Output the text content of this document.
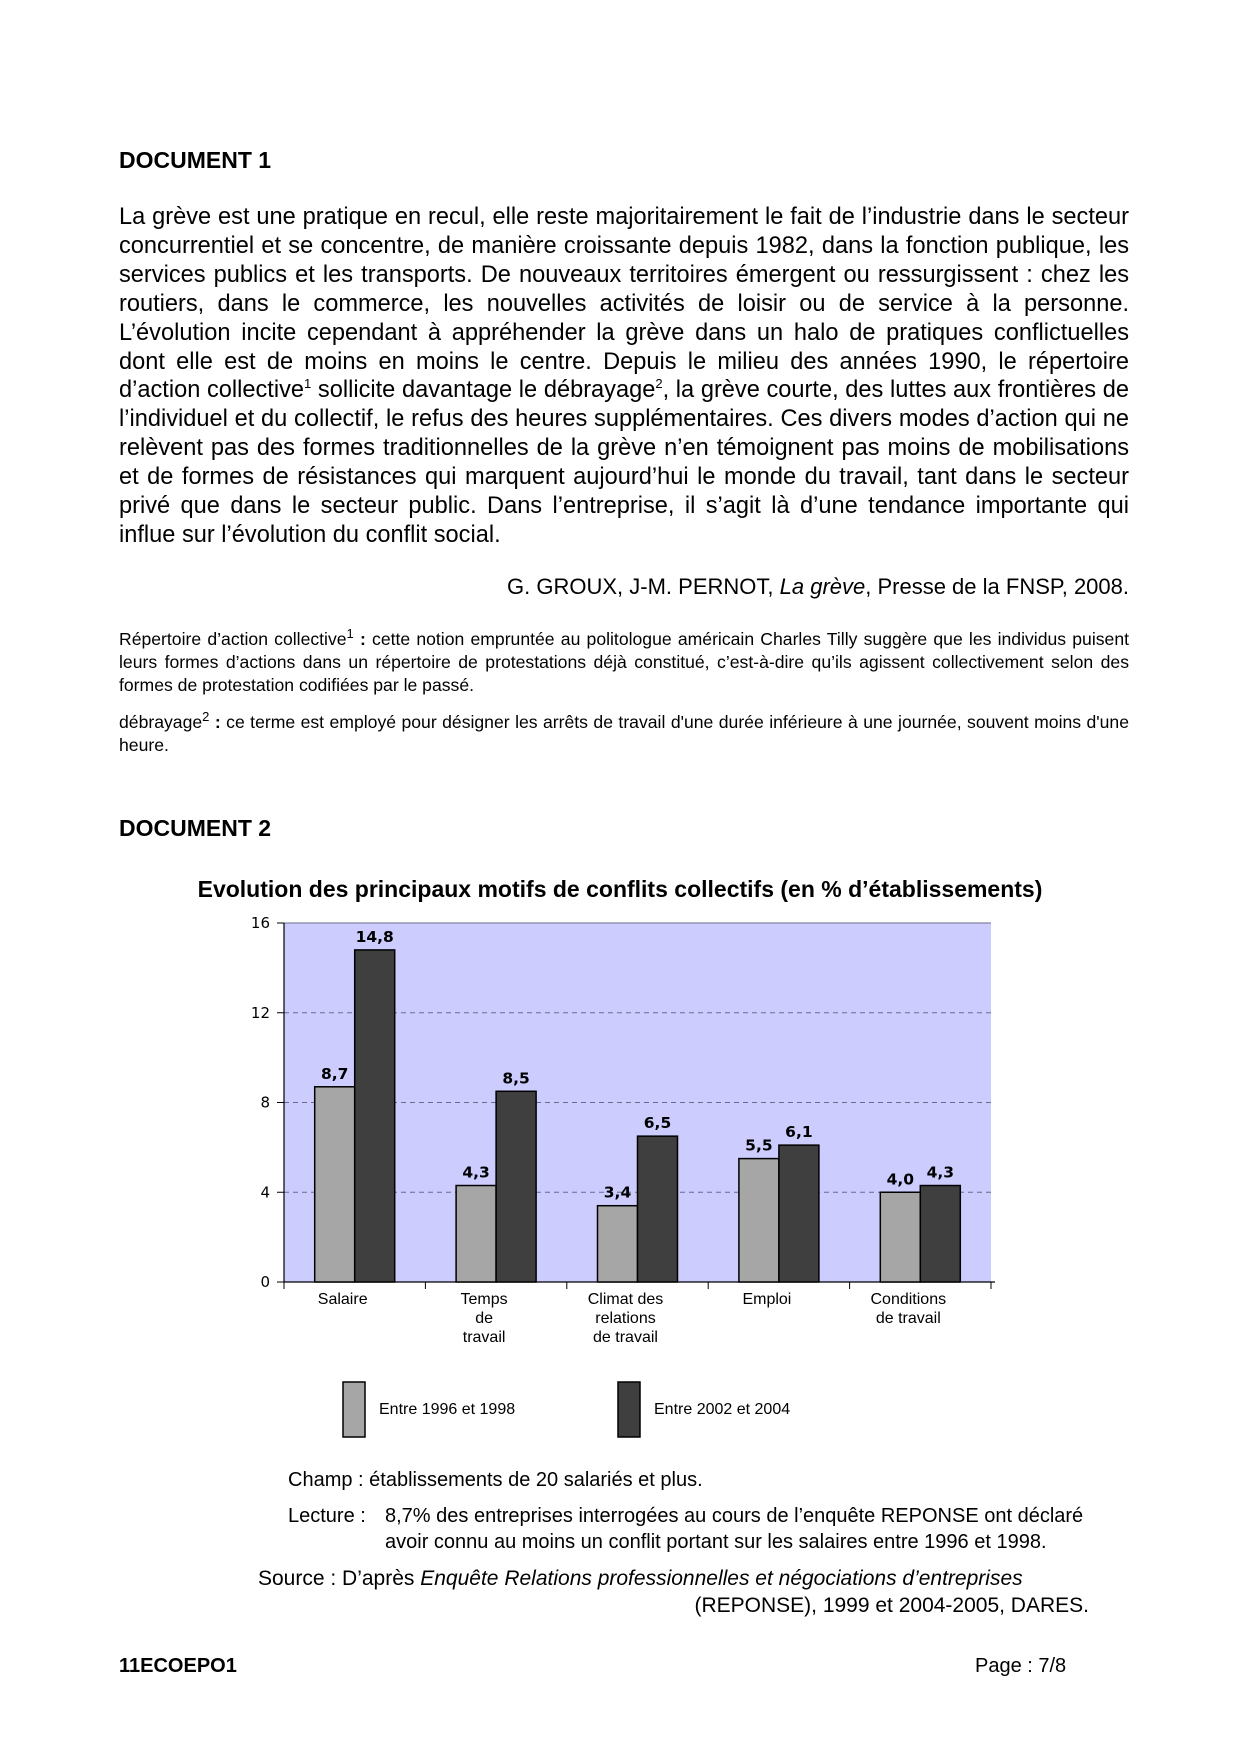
DOCUMENT 1
La grève est une pratique en recul, elle reste majoritairement le fait de l’industrie dans le secteur concurrentiel et se concentre, de manière croissante depuis 1982, dans la fonction publique, les services publics et les transports. De nouveaux territoires émergent ou ressurgissent : chez les routiers, dans le commerce, les nouvelles activités de loisir ou de service à la personne. L’évolution incite cependant à appréhender la grève dans un halo de pratiques conflictuelles dont elle est de moins en moins le centre. Depuis le milieu des années 1990, le répertoire d’action collective$^1$ sollicite davantage le débrayage$^2$, la grève courte, des luttes aux frontières de l’individuel et du collectif, le refus des heures supplémentaires. Ces divers modes d’action qui ne relèvent pas des formes traditionnelles de la grève n’en témoignent pas moins de mobilisations et de formes de résistances qui marquent aujourd’hui le monde du travail, tant dans le secteur privé que dans le secteur public. Dans l’entreprise, il s’agit là d’une tendance importante qui influe sur l’évolution du conflit social.
G. GROUX, J-M. PERNOT, La grève, Presse de la FNSP, 2008.
Répertoire d’action collective$^1$ : cette notion empruntée au politologue américain Charles Tilly suggère que les individus puisent leurs formes d’actions dans un répertoire de protestations déjà constitué, c’est-à-dire qu’ils agissent collectivement selon des formes de protestation codifiées par le passé.
débrayage$^2$ : ce terme est employé pour désigner les arrêts de travail d'une durée inférieure à une journée, souvent moins d'une heure.
DOCUMENT 2
Evolution des principaux motifs de conflits collectifs (en % d’établissements)
0
4
8
12
16
8,7
14,8
Salaire
4,3
8,5
Temps
de
travail
3,4
6,5
Climat des
relations
de travail
5,5
6,1
Emploi
4,0 4,3
Conditions
de travail
Entre 1996 et 1998	Entre 2002 et 2004
Champ : établissements de 20 salariés et plus.
Lecture : 8,7% des entreprises interrogées au cours de l’enquête REPONSE ont déclaré
avoir connu au moins un conflit portant sur les salaires entre 1996 et 1998.
Source : D’après Enquête Relations professionnelles et négociations d’entreprises
(REPONSE), 1999 et 2004-2005, DARES.
11ECOEPO1	Page : 7/8
